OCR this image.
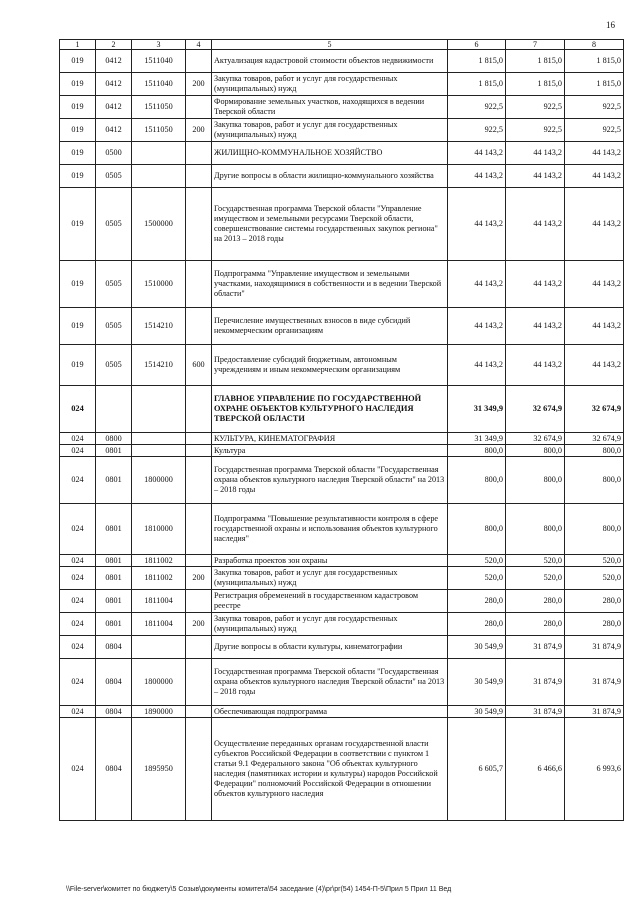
16
1	2	3	4	5	6	7	8
019	0412	1511040		Актуализация кадастровой стоимости объектов недвижимости	1 815,0	1 815,0	1 815,0
019	0412	1511040	200	Закупка товаров, работ и услуг для государственных (муниципальных) нужд	1 815,0	1 815,0	1 815,0
019	0412	1511050		Формирование земельных участков, находящихся в ведении Тверской области	922,5	922,5	922,5
019	0412	1511050	200	Закупка товаров, работ и услуг для государственных (муниципальных) нужд	922,5	922,5	922,5
019	0500			ЖИЛИЩНО-КОММУНАЛЬНОЕ ХОЗЯЙСТВО	44 143,2	44 143,2	44 143,2
019	0505			Другие вопросы в области жилищно-коммунального хозяйства	44 143,2	44 143,2	44 143,2
019	0505	1500000		Государственная программа Тверской области "Управление имуществом и земельными ресурсами Тверской области, совершенствование системы государственных закупок региона" на 2013 – 2018 годы	44 143,2	44 143,2	44 143,2
019	0505	1510000		Подпрограмма "Управление имуществом и земельными участками, находящимися в собственности и в ведении Тверской области"	44 143,2	44 143,2	44 143,2
019	0505	1514210		Перечисление имущественных взносов в виде субсидий некоммерческим организациям	44 143,2	44 143,2	44 143,2
019	0505	1514210	600	Предоставление субсидий бюджетным, автономным учреждениям и иным некоммерческим организациям	44 143,2	44 143,2	44 143,2
024				ГЛАВНОЕ УПРАВЛЕНИЕ ПО ГОСУДАРСТВЕННОЙ ОХРАНЕ ОБЪЕКТОВ КУЛЬТУРНОГО НАСЛЕДИЯ ТВЕРСКОЙ ОБЛАСТИ	31 349,9	32 674,9	32 674,9
024	0800			КУЛЬТУРА, КИНЕМАТОГРАФИЯ	31 349,9	32 674,9	32 674,9
024	0801			Культура	800,0	800,0	800,0
024	0801	1800000		Государственная программа Тверской области "Государственная охрана объектов культурного наследия Тверской области" на 2013 – 2018 годы	800,0	800,0	800,0
024	0801	1810000		Подпрограмма "Повышение результативности контроля в сфере государственной охраны и использования объектов культурного наследия"	800,0	800,0	800,0
024	0801	1811002		Разработка проектов зон охраны	520,0	520,0	520,0
024	0801	1811002	200	Закупка товаров, работ и услуг для государственных (муниципальных) нужд	520,0	520,0	520,0
024	0801	1811004		Регистрация обременений в государственном кадастровом реестре	280,0	280,0	280,0
024	0801	1811004	200	Закупка товаров, работ и услуг для государственных (муниципальных) нужд	280,0	280,0	280,0
024	0804			Другие вопросы в области культуры, кинематографии	30 549,9	31 874,9	31 874,9
024	0804	1800000		Государственная программа Тверской области "Государственная охрана объектов культурного наследия Тверской области" на 2013 – 2018 годы	30 549,9	31 874,9	31 874,9
024	0804	1890000		Обеспечивающая подпрограмма	30 549,9	31 874,9	31 874,9
024	0804	1895950		Осуществление переданных органам государственной власти субъектов Российской Федерации в соответствии с пунктом 1 статьи 9.1 Федерального закона "Об объектах культурного наследия (памятниках истории и культуры) народов Российской Федерации" полномочий Российской Федерации в отношении объектов культурного наследия	6 605,7	6 466,6	6 993,6
\\File-server\комитет по бюджету\5 Созыв\документы комитета\54 заседание (4)\pr\pr(54) 1454-П-5\Прил 5 Прил 11 Вед
